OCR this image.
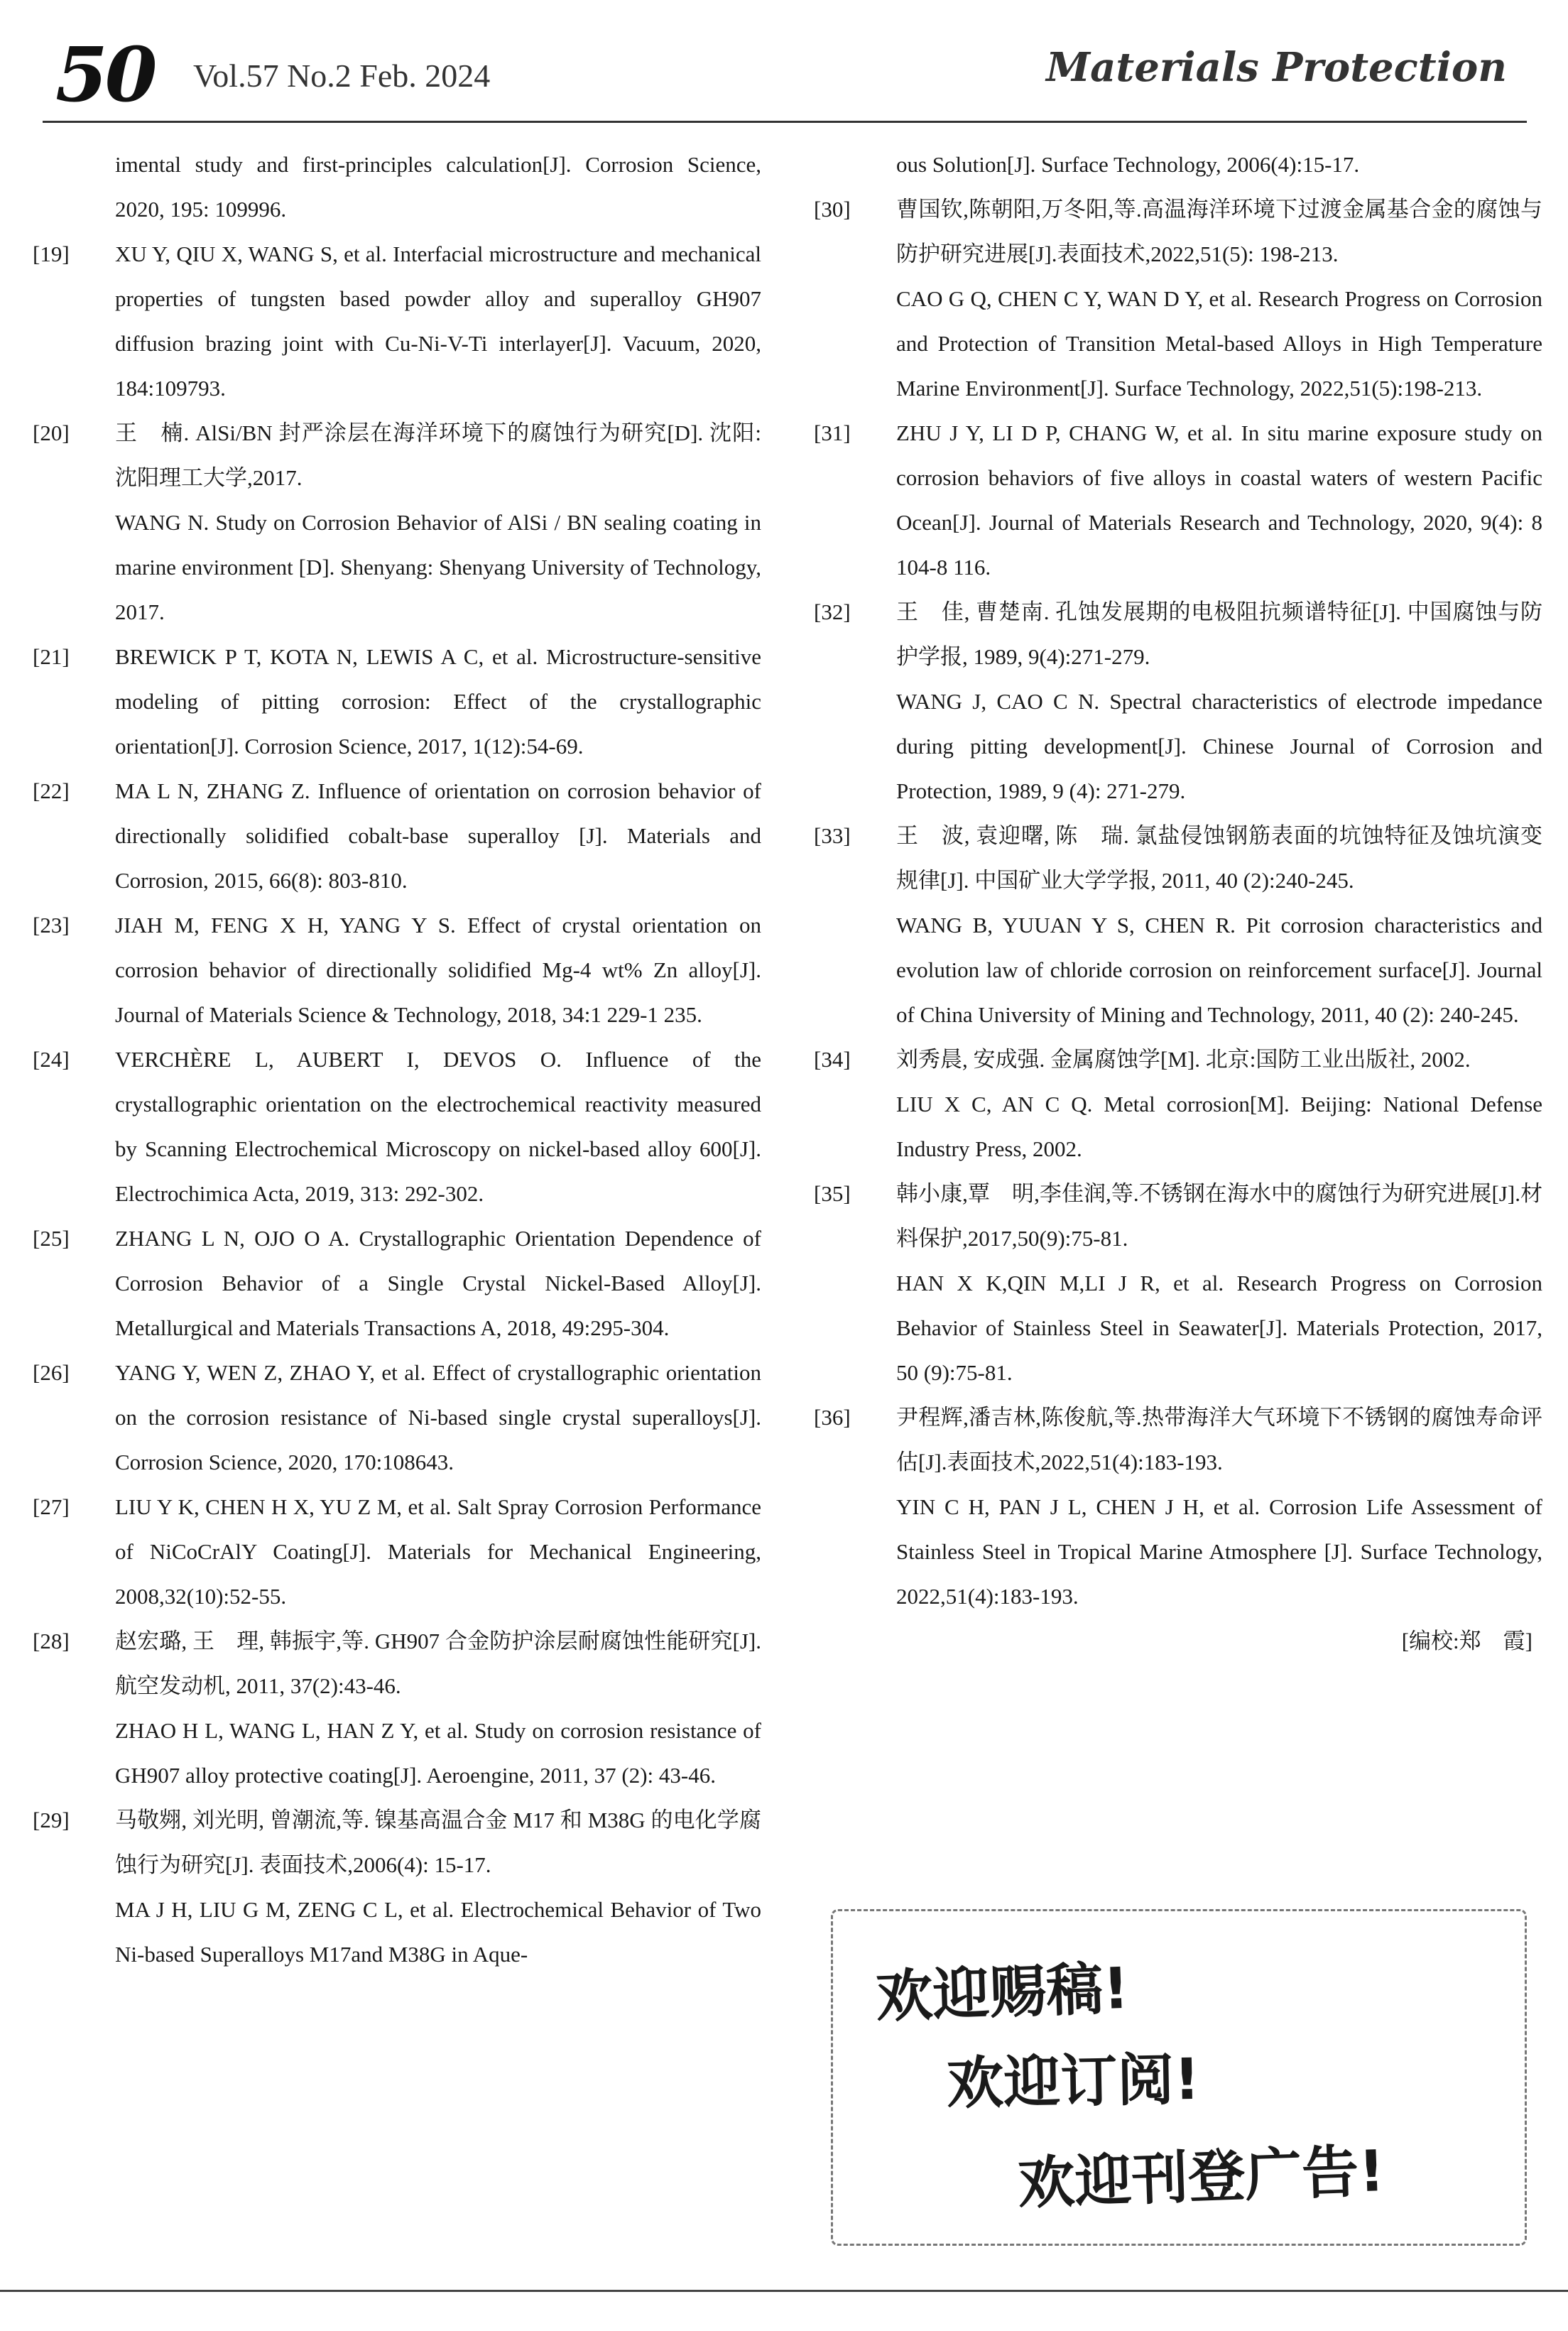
50 Vol.57 No.2 Feb. 2024	Materials Protection
imental study and first-principles calculation[J]. Corrosion Science, 2020, 195: 109996.
[19]	XU Y, QIU X, WANG S, et al. Interfacial microstructure and mechanical properties of tungsten based powder alloy and superalloy GH907 diffusion brazing joint with Cu-Ni-V-Ti interlayer[J]. Vacuum, 2020, 184:109793.
[20]	王　楠. AlSi/BN 封严涂层在海洋环境下的腐蚀行为研究[D]. 沈阳: 沈阳理工大学,2017.
WANG N. Study on Corrosion Behavior of AlSi / BN sealing coating in marine environment [D]. Shenyang: Shenyang University of Technology, 2017.
[21]	BREWICK P T, KOTA N, LEWIS A C, et al. Microstructure-sensitive modeling of pitting corrosion: Effect of the crystallographic orientation[J]. Corrosion Science, 2017, 1(12):54-69.
[22]	MA L N, ZHANG Z. Influence of orientation on corrosion behavior of directionally solidified cobalt-base superalloy [J]. Materials and Corrosion, 2015, 66(8): 803-810.
[23]	JIAH M, FENG X H, YANG Y S. Effect of crystal orientation on corrosion behavior of directionally solidified Mg-4 wt% Zn alloy[J]. Journal of Materials Science & Technology, 2018, 34:1 229-1 235.
[24]	VERCHÈRE L, AUBERT I, DEVOS O. Influence of the crystallographic orientation on the electrochemical reactivity measured by Scanning Electrochemical Microscopy on nickel-based alloy 600[J]. Electrochimica Acta, 2019, 313: 292-302.
[25]	ZHANG L N, OJO O A. Crystallographic Orientation Dependence of Corrosion Behavior of a Single Crystal Nickel-Based Alloy[J]. Metallurgical and Materials Transactions A, 2018, 49:295-304.
[26]	YANG Y, WEN Z, ZHAO Y, et al. Effect of crystallographic orientation on the corrosion resistance of Ni-based single crystal superalloys[J]. Corrosion Science, 2020, 170:108643.
[27]	LIU Y K, CHEN H X, YU Z M, et al. Salt Spray Corrosion Performance of NiCoCrAlY Coating[J]. Materials for Mechanical Engineering, 2008,32(10):52-55.
[28]	赵宏璐, 王　理, 韩振宇,等. GH907 合金防护涂层耐腐蚀性能研究[J]. 航空发动机, 2011, 37(2):43-46.
ZHAO H L, WANG L, HAN Z Y, et al. Study on corrosion resistance of GH907 alloy protective coating[J]. Aeroengine, 2011, 37 (2): 43-46.
[29]	马敬翙, 刘光明, 曾潮流,等. 镍基高温合金 M17 和 M38G 的电化学腐蚀行为研究[J]. 表面技术,2006(4): 15-17.
MA J H, LIU G M, ZENG C L, et al. Electrochemical Behavior of Two Ni-based Superalloys M17and M38G in Aque-
ous Solution[J]. Surface Technology, 2006(4):15-17.
[30]	曹国钦,陈朝阳,万冬阳,等.高温海洋环境下过渡金属基合金的腐蚀与防护研究进展[J].表面技术,2022,51(5): 198-213.
CAO G Q, CHEN C Y, WAN D Y, et al. Research Progress on Corrosion and Protection of Transition Metal-based Alloys in High Temperature Marine Environment[J]. Surface Technology, 2022,51(5):198-213.
[31]	ZHU J Y, LI D P, CHANG W, et al. In situ marine exposure study on corrosion behaviors of five alloys in coastal waters of western Pacific Ocean[J]. Journal of Materials Research and Technology, 2020, 9(4): 8 104-8 116.
[32]	王　佳, 曹楚南. 孔蚀发展期的电极阻抗频谱特征[J]. 中国腐蚀与防护学报, 1989, 9(4):271-279.
WANG J, CAO C N. Spectral characteristics of electrode impedance during pitting development[J]. Chinese Journal of Corrosion and Protection, 1989, 9 (4): 271-279.
[33]	王　波, 袁迎曙, 陈　瑞. 氯盐侵蚀钢筋表面的坑蚀特征及蚀坑演变规律[J]. 中国矿业大学学报, 2011, 40 (2):240-245.
WANG B, YUUAN Y S, CHEN R. Pit corrosion characteristics and evolution law of chloride corrosion on reinforcement surface[J]. Journal of China University of Mining and Technology, 2011, 40 (2): 240-245.
[34]	刘秀晨, 安成强. 金属腐蚀学[M]. 北京:国防工业出版社, 2002.
LIU X C, AN C Q. Metal corrosion[M]. Beijing: National Defense Industry Press, 2002.
[35]	韩小康,覃　明,李佳润,等.不锈钢在海水中的腐蚀行为研究进展[J].材料保护,2017,50(9):75-81.
HAN X K,QIN M,LI J R, et al. Research Progress on Corrosion Behavior of Stainless Steel in Seawater[J]. Materials Protection, 2017, 50 (9):75-81.
[36]	尹程辉,潘吉林,陈俊航,等.热带海洋大气环境下不锈钢的腐蚀寿命评估[J].表面技术,2022,51(4):183-193.
YIN C H, PAN J L, CHEN J H, et al. Corrosion Life Assessment of Stainless Steel in Tropical Marine Atmosphere [J]. Surface Technology, 2022,51(4):183-193.
[编校:郑　霞]
欢迎赐稿!
欢迎订阅!
欢迎刊登广告!
